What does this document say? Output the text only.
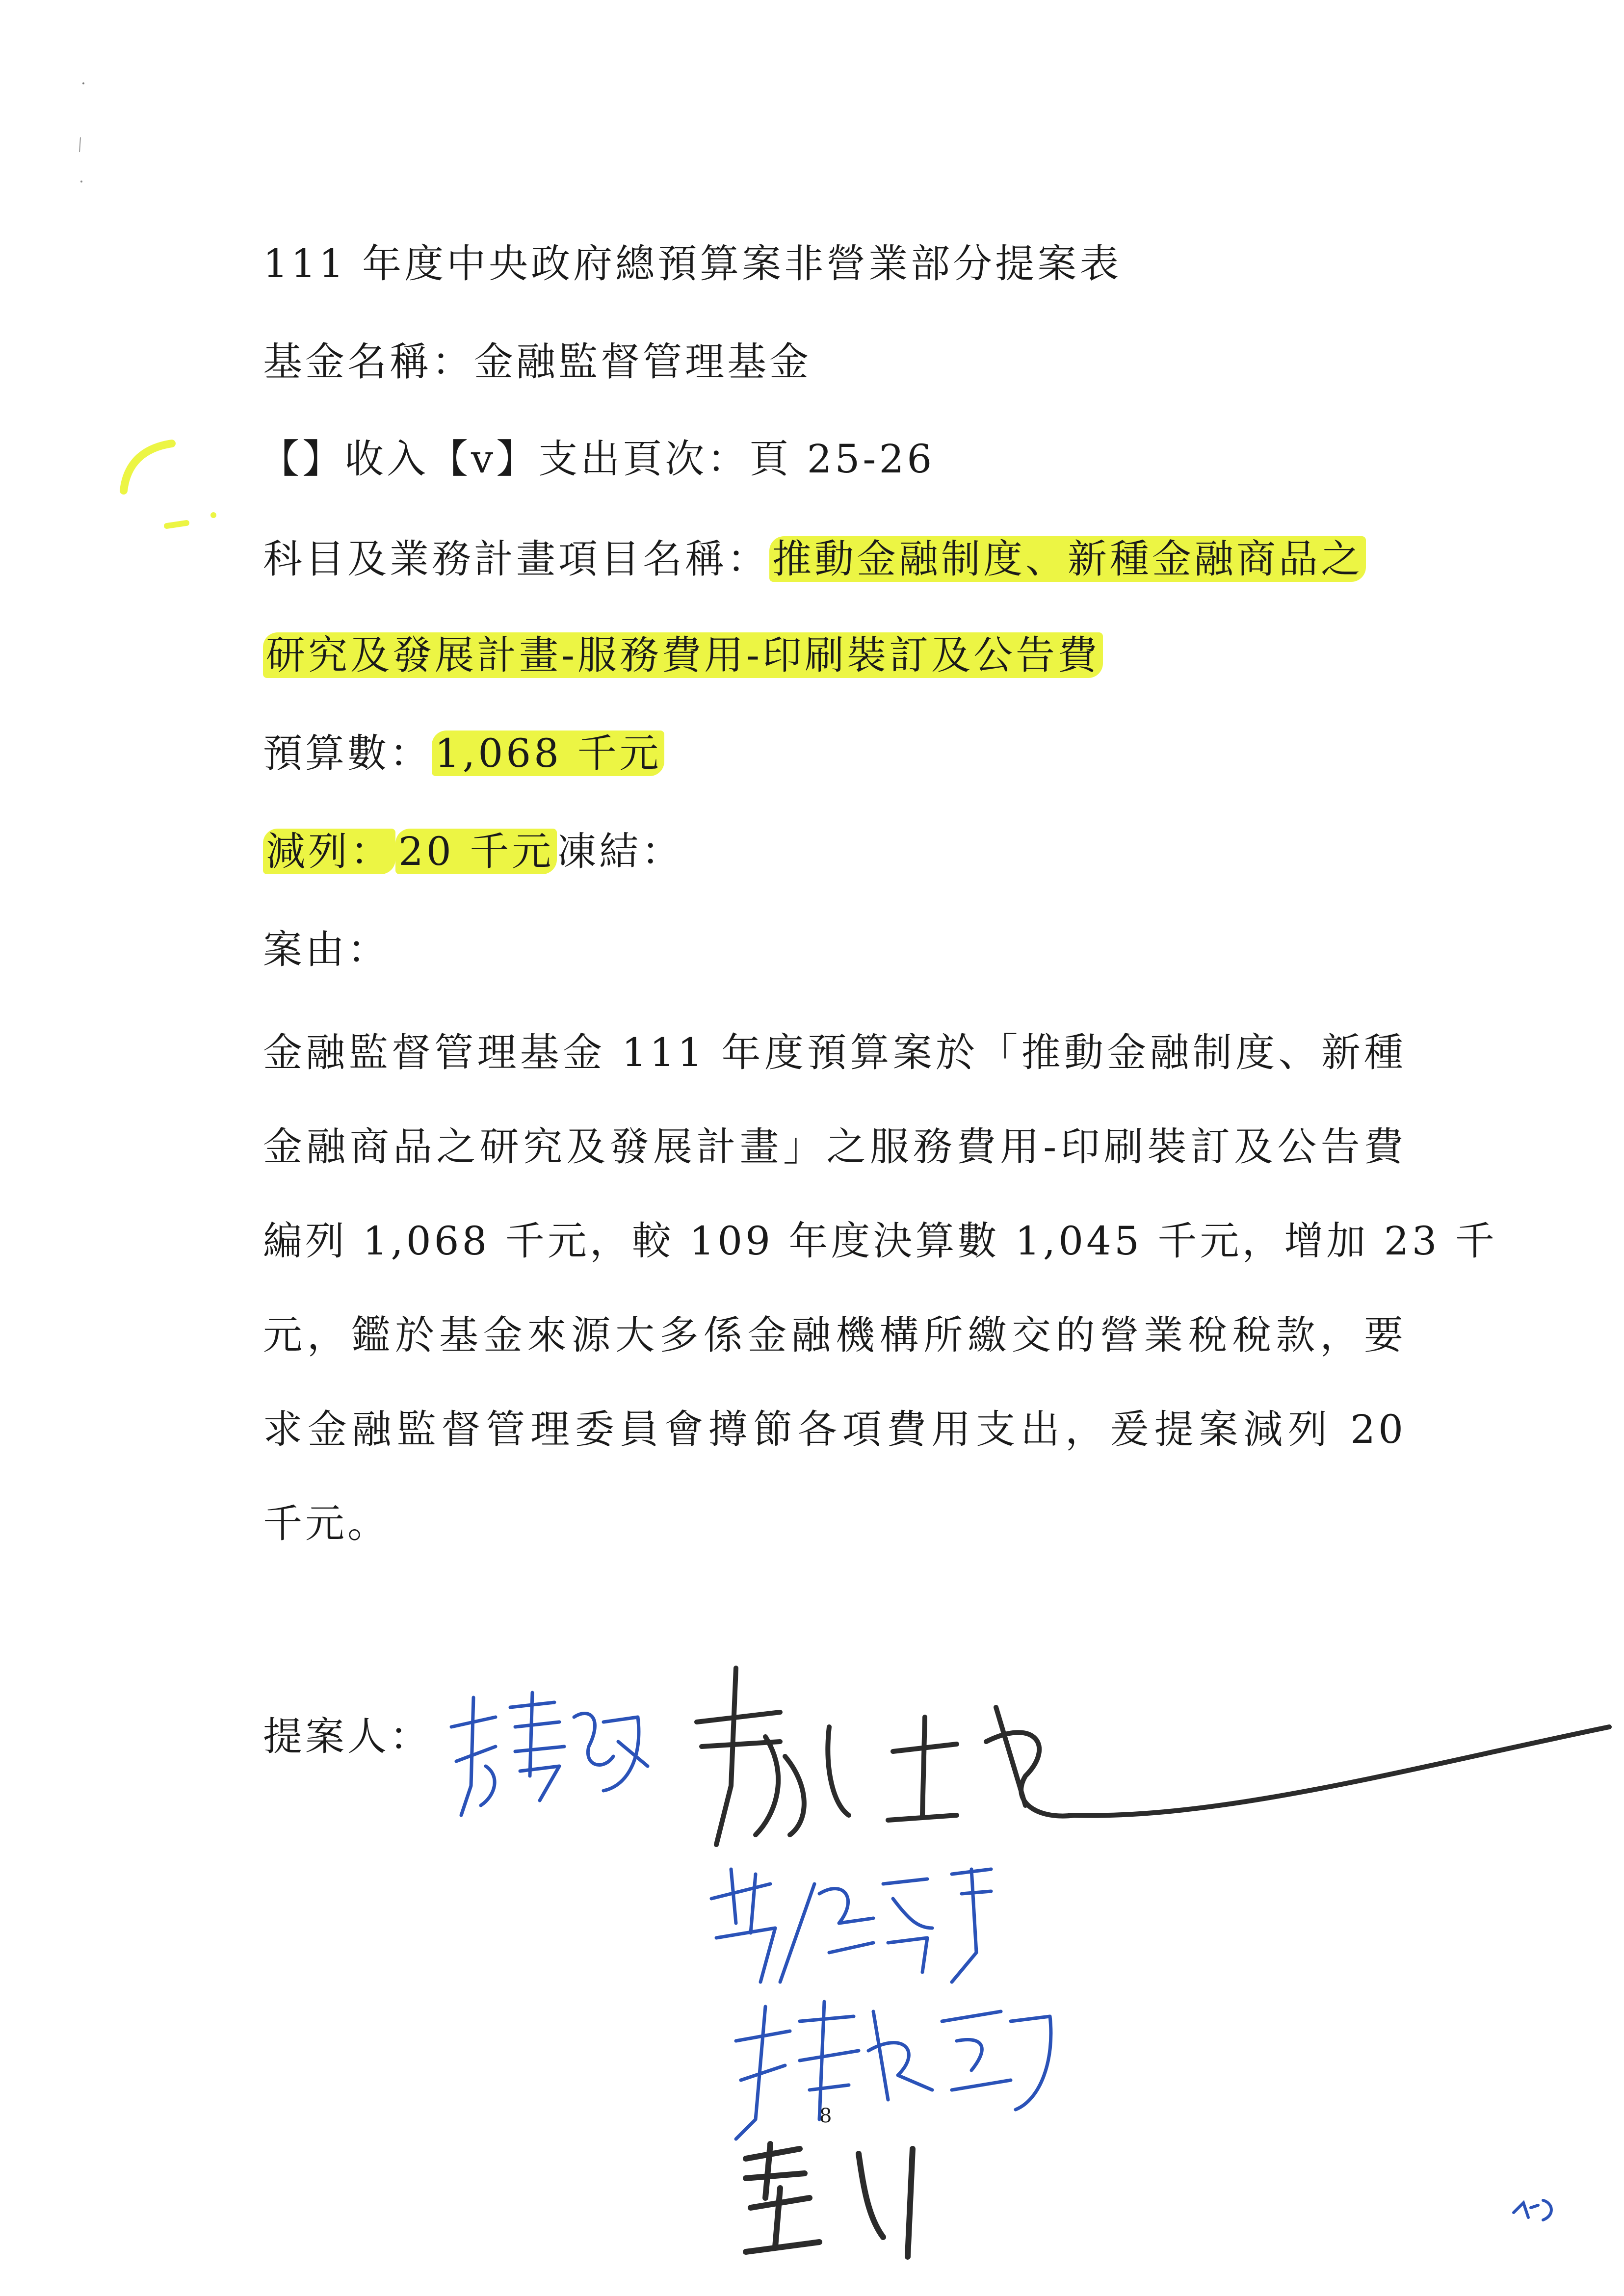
111 年度中央政府總預算案非營業部分提案表
基金名稱：金融監督管理基金
【】收入【v】支出頁次：頁 25-26
科目及業務計畫項目名稱：推動金融制度、新種金融商品之
研究及發展計畫-服務費用-印刷裝訂及公告費
預算數：1,068 千元
減列： 20 千元凍結：
案由：
金融監督管理基金 111 年度預算案於「推動金融制度、新種
金融商品之研究及發展計畫」之服務費用-印刷裝訂及公告費
編列 1,068 千元，較 109 年度決算數 1,045 千元，增加 23 千
元，鑑於基金來源大多係金融機構所繳交的營業稅稅款，要
求金融監督管理委員會撙節各項費用支出，爰提案減列 20
千元。
提案人：
8
